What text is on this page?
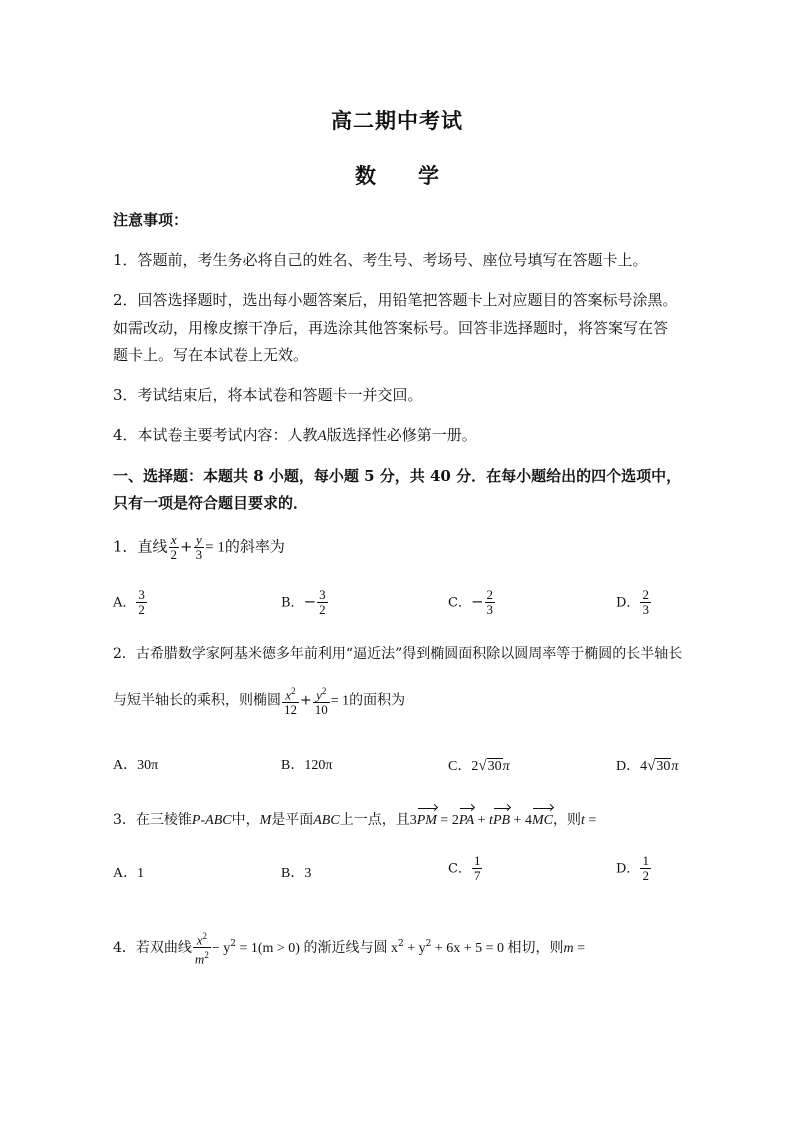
高二期中考试
数　　学
注意事项：
1．答题前，考生务必将自己的姓名、考生号、考场号、座位号填写在答题卡上。
2．回答选择题时，选出每小题答案后，用铅笔把答题卡上对应题目的答案标号涂黑。
如需改动，用橡皮擦干净后，再选涂其他答案标号。回答非选择题时，将答案写在答
题卡上。写在本试卷上无效。
3．考试结束后，将本试卷和答题卡一并交回。
4．本试卷主要考试内容：人教A版选择性必修第一册。
一、选择题：本题共 8 小题，每小题 5 分，共 40 分．在每小题给出的四个选项中，
只有一项是符合题目要求的．
1．直线 $\frac{x}{2} + \frac{y}{3} = 1$的斜率为
A． $\frac{3}{2}$	B．− $\frac{3}{2}$	C．− $\frac{2}{3}$	D． $\frac{2}{3}$
2．古希腊数学家阿基米德多年前利用“逼近法”得到椭圆面积除以圆周率等于椭圆的长半轴长
与短半轴长的乘积，则椭圆 $\frac{x^2}{12} + \frac{y^2}{10} = 1$的面积为
A．30π	B．120π	C．2√30π	D．4√30π
3．在三棱锥P-ABC中，M是平面ABC上一点，且3PM = 2PA + tPB + 4MC，则t =
A．1	B．3	C． $\frac{1}{7}$	D． $\frac{1}{2}$
4．若双曲线 $\frac{x^2}{m^2} - y^2 = 1(m > 0)$ 的渐近线与圆 $x^2 + y^2 + 6x + 5 = 0$ 相切，则m =
